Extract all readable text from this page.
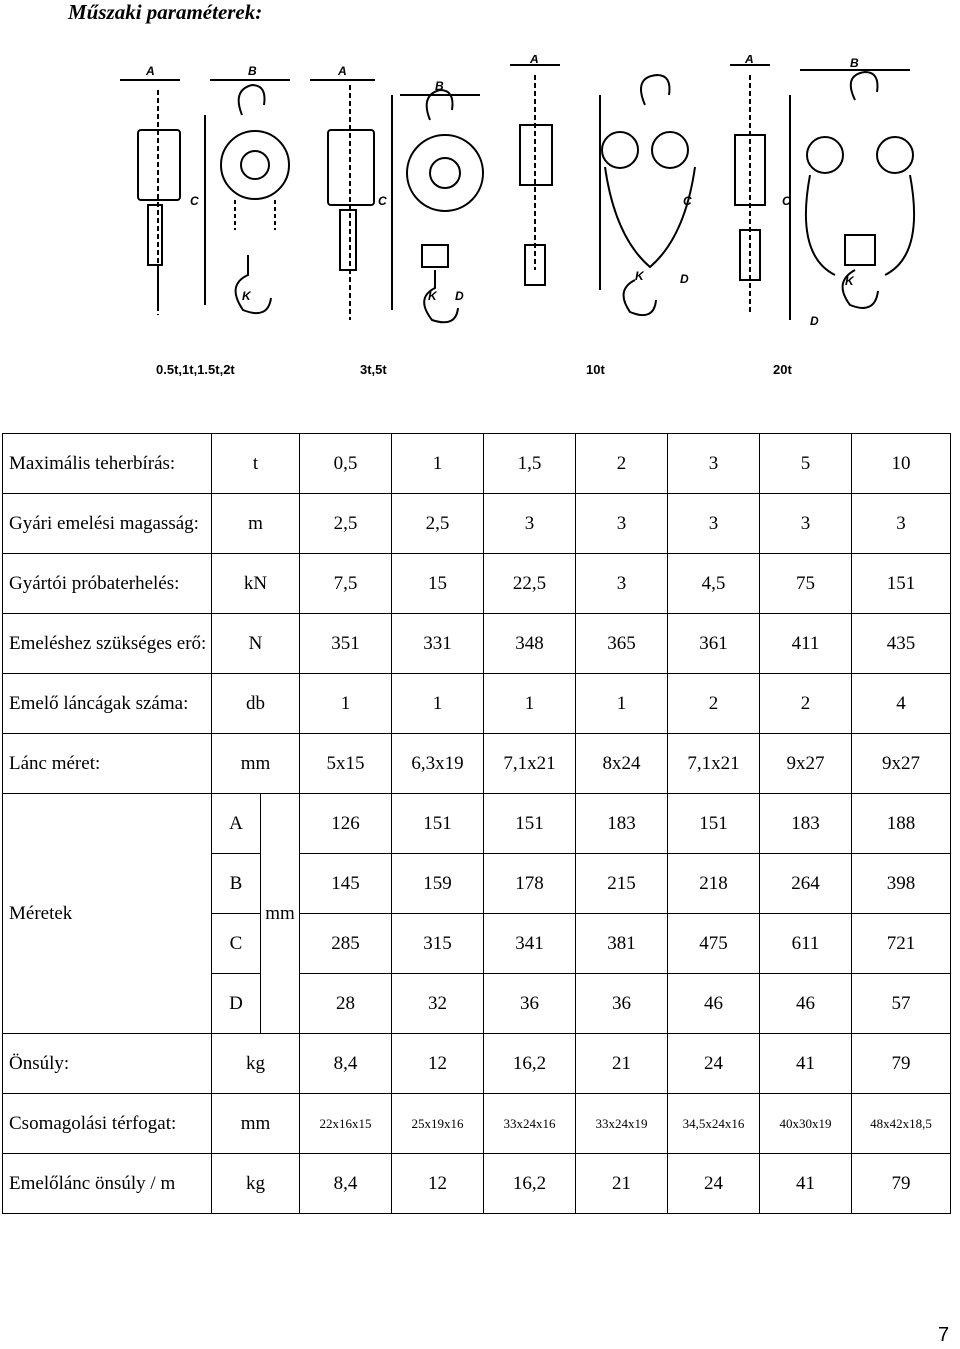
Műszaki paraméterek:
A	B
C
K
A
B
C
K D
A
C
K	D
A	B
C
K
D
0.5t,1t,1.5t,2t	3t,5t	10t	20t
Maximális teherbírás:	t		0,5	1	1,5	2	3	5	10
Gyári emelési magasság:	m		2,5	2,5	3	3	3	3	3
Gyártói próbaterhelés:	kN		7,5	15	22,5	3	4,5	75	151
Emeléshez szükséges erő:	N		351	331	348	365	361	411	435
Emelő láncágak száma:	db		1	1	1	1	2	2	4
Lánc méret:	mm		5x15	6,3x19	7,1x21	8x24	7,1x21	9x27	9x27
Méretek	A	mm	126	151	151	183	151	183	188
	B		145	159	178	215	218	264	398
	C		285	315	341	381	475	611	721
	D		28	32	36	36	46	46	57
Önsúly:	kg		8,4	12	16,2	21	24	41	79
Csomagolási térfogat:	mm		22x16x15	25x19x16	33x24x16	33x24x19	34,5x24x16	40x30x19	48x42x18,5
Emelőlánc önsúly / m	kg		8,4	12	16,2	21	24	41	79
7
